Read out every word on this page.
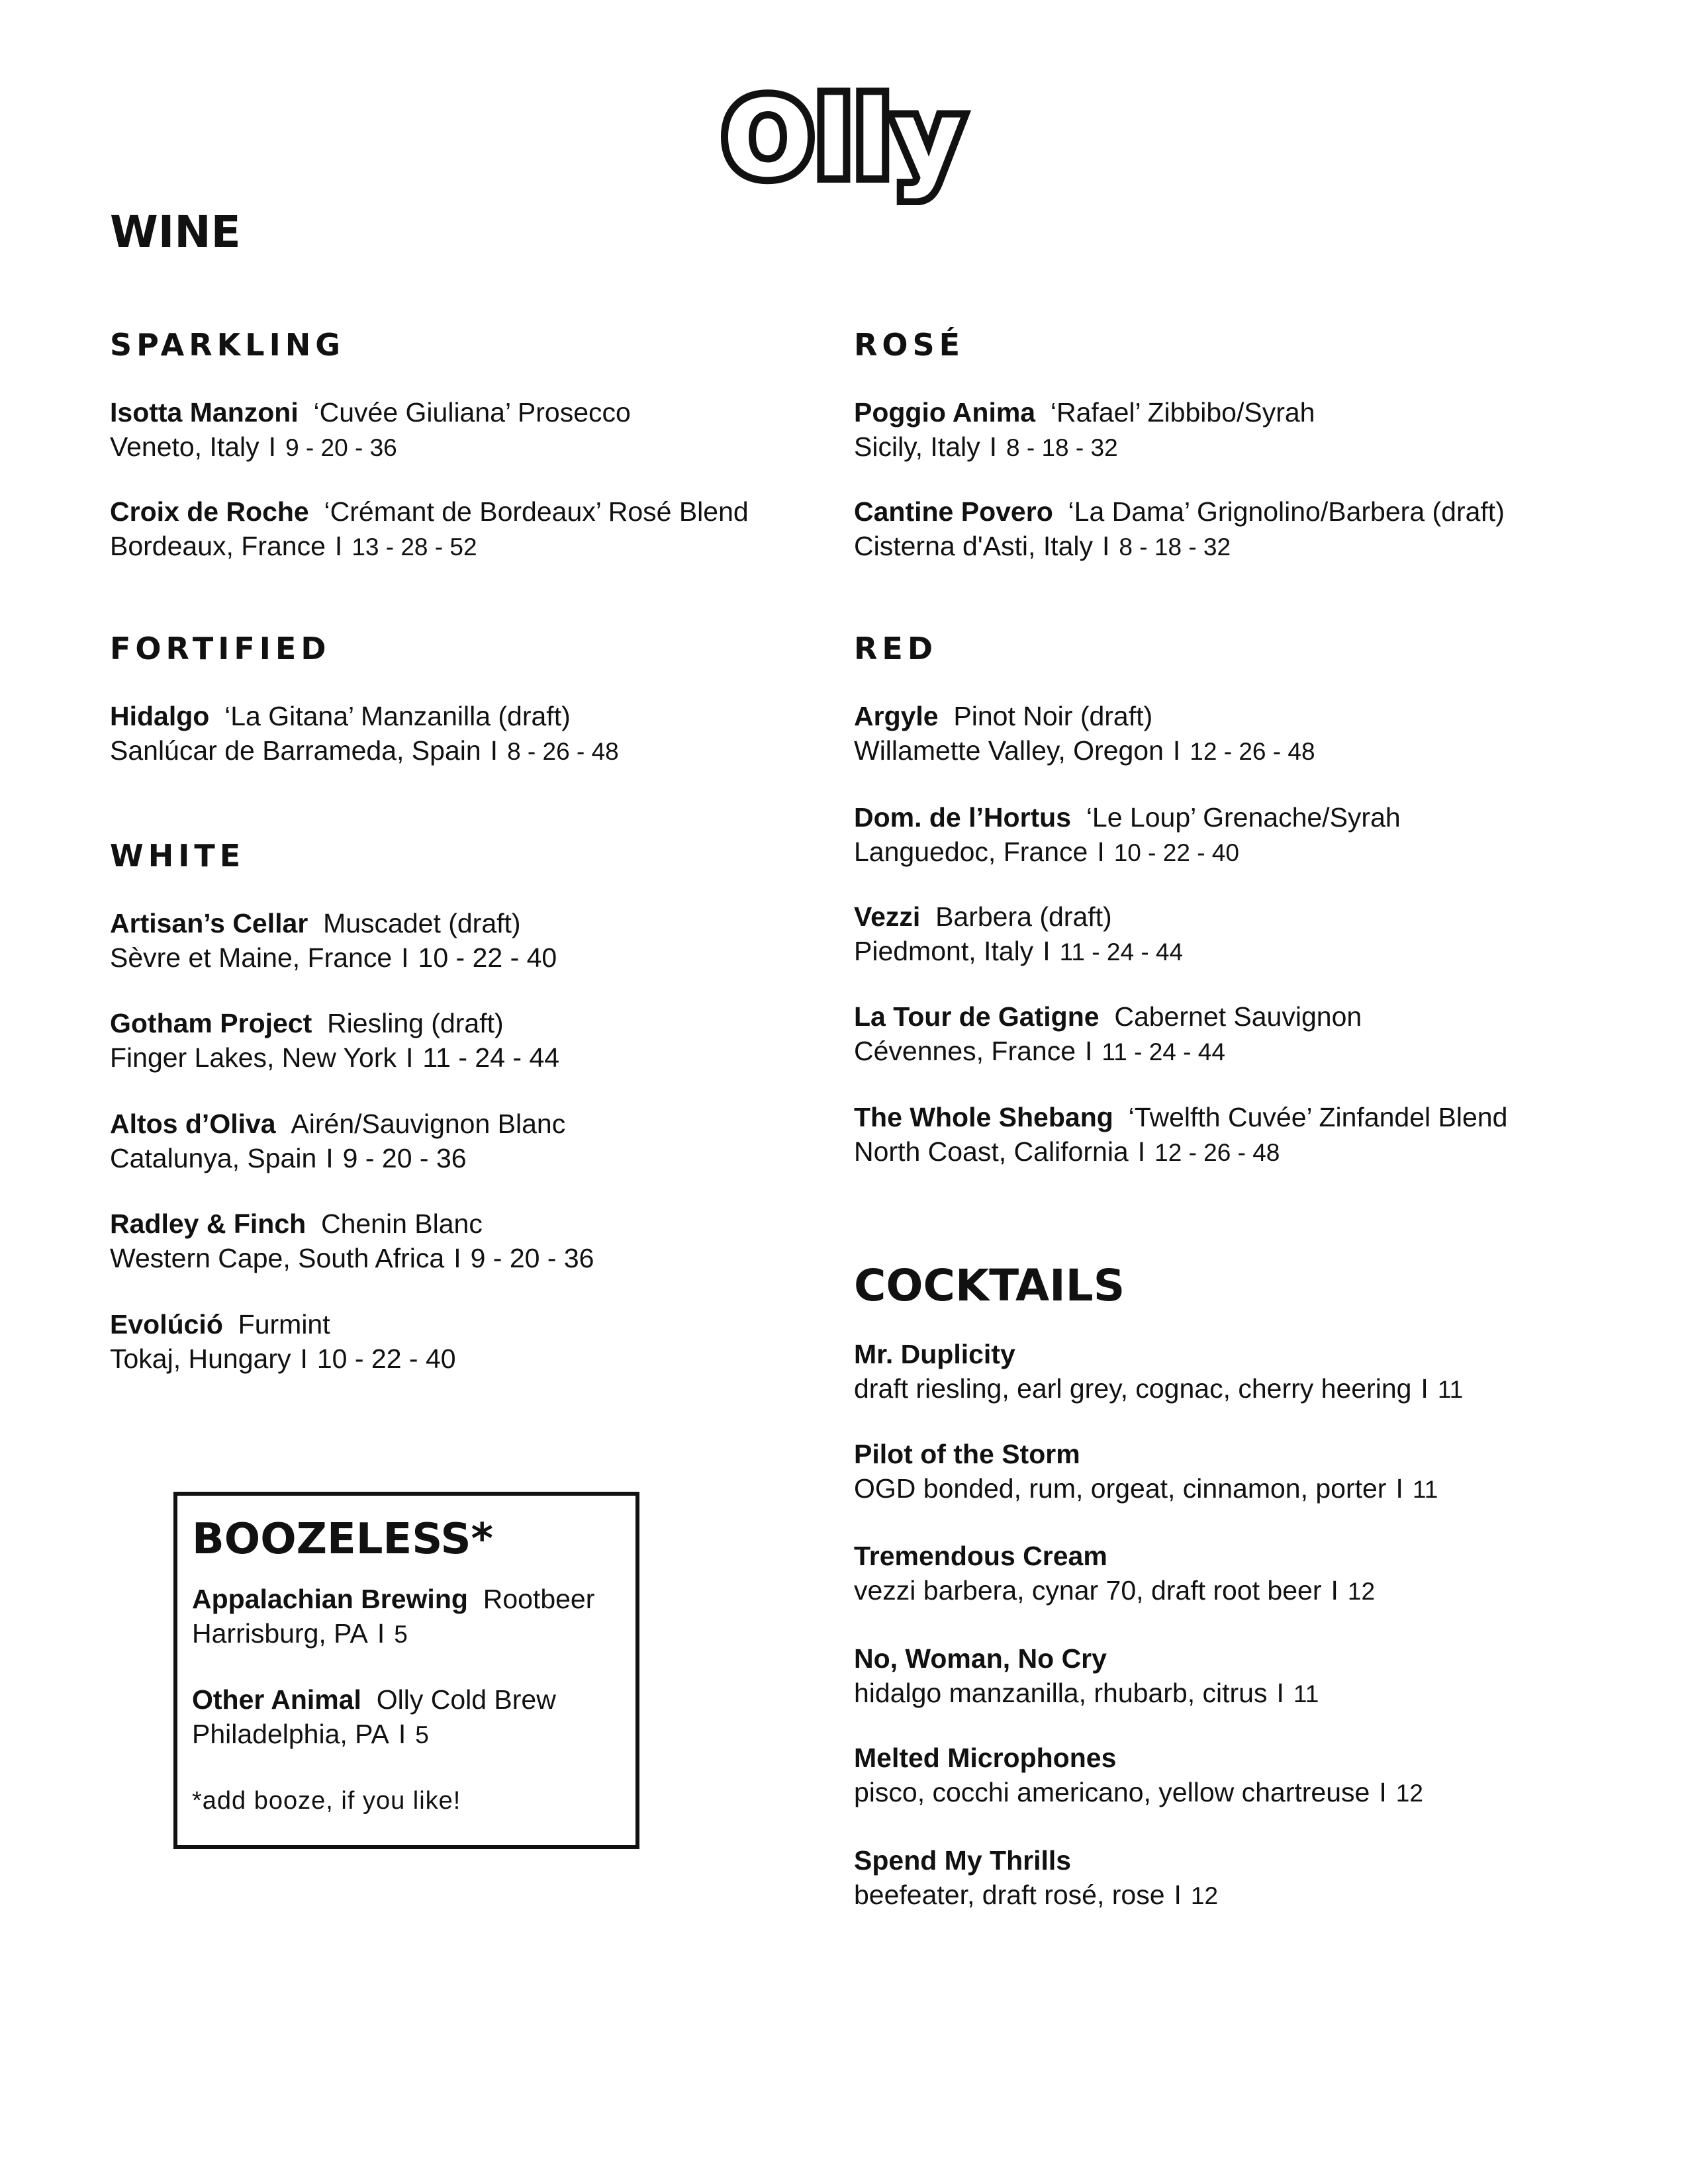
Olly
WINE
SPARKLING
Isotta Manzoni ‘Cuvée Giuliana’ Prosecco
Veneto, Italy I 9 - 20 - 36
Croix de Roche ‘Crémant de Bordeaux’ Rosé Blend
Bordeaux, France I 13 - 28 - 52
FORTIFIED
Hidalgo ‘La Gitana’ Manzanilla (draft)
Sanlúcar de Barrameda, Spain I 8 - 26 - 48
WHITE
Artisan’s Cellar Muscadet (draft)
Sèvre et Maine, France I 10 - 22 - 40
Gotham Project Riesling (draft)
Finger Lakes, New York I 11 - 24 - 44
Altos d’Oliva Airén/Sauvignon Blanc
Catalunya, Spain I 9 - 20 - 36
Radley & Finch Chenin Blanc
Western Cape, South Africa I 9 - 20 - 36
Evolúció Furmint
Tokaj, Hungary I 10 - 22 - 40
BOOZELESS*
Appalachian Brewing Rootbeer
Harrisburg, PA I 5
Other Animal Olly Cold Brew
Philadelphia, PA I 5
*add booze, if you like!
ROSÉ
Poggio Anima ‘Rafael’ Zibbibo/Syrah
Sicily, Italy I 8 - 18 - 32
Cantine Povero ‘La Dama’ Grignolino/Barbera (draft)
Cisterna d'Asti, Italy I 8 - 18 - 32
RED
Argyle Pinot Noir (draft)
Willamette Valley, Oregon I 12 - 26 - 48
Dom. de l’Hortus ‘Le Loup’ Grenache/Syrah
Languedoc, France I 10 - 22 - 40
Vezzi Barbera (draft)
Piedmont, Italy I 11 - 24 - 44
La Tour de Gatigne Cabernet Sauvignon
Cévennes, France I 11 - 24 - 44
The Whole Shebang ‘Twelfth Cuvée’ Zinfandel Blend
North Coast, California I 12 - 26 - 48
COCKTAILS
Mr. Duplicity
draft riesling, earl grey, cognac, cherry heering I 11
Pilot of the Storm
OGD bonded, rum, orgeat, cinnamon, porter I 11
Tremendous Cream
vezzi barbera, cynar 70, draft root beer I 12
No, Woman, No Cry
hidalgo manzanilla, rhubarb, citrus I 11
Melted Microphones
pisco, cocchi americano, yellow chartreuse I 12
Spend My Thrills
beefeater, draft rosé, rose I 12
